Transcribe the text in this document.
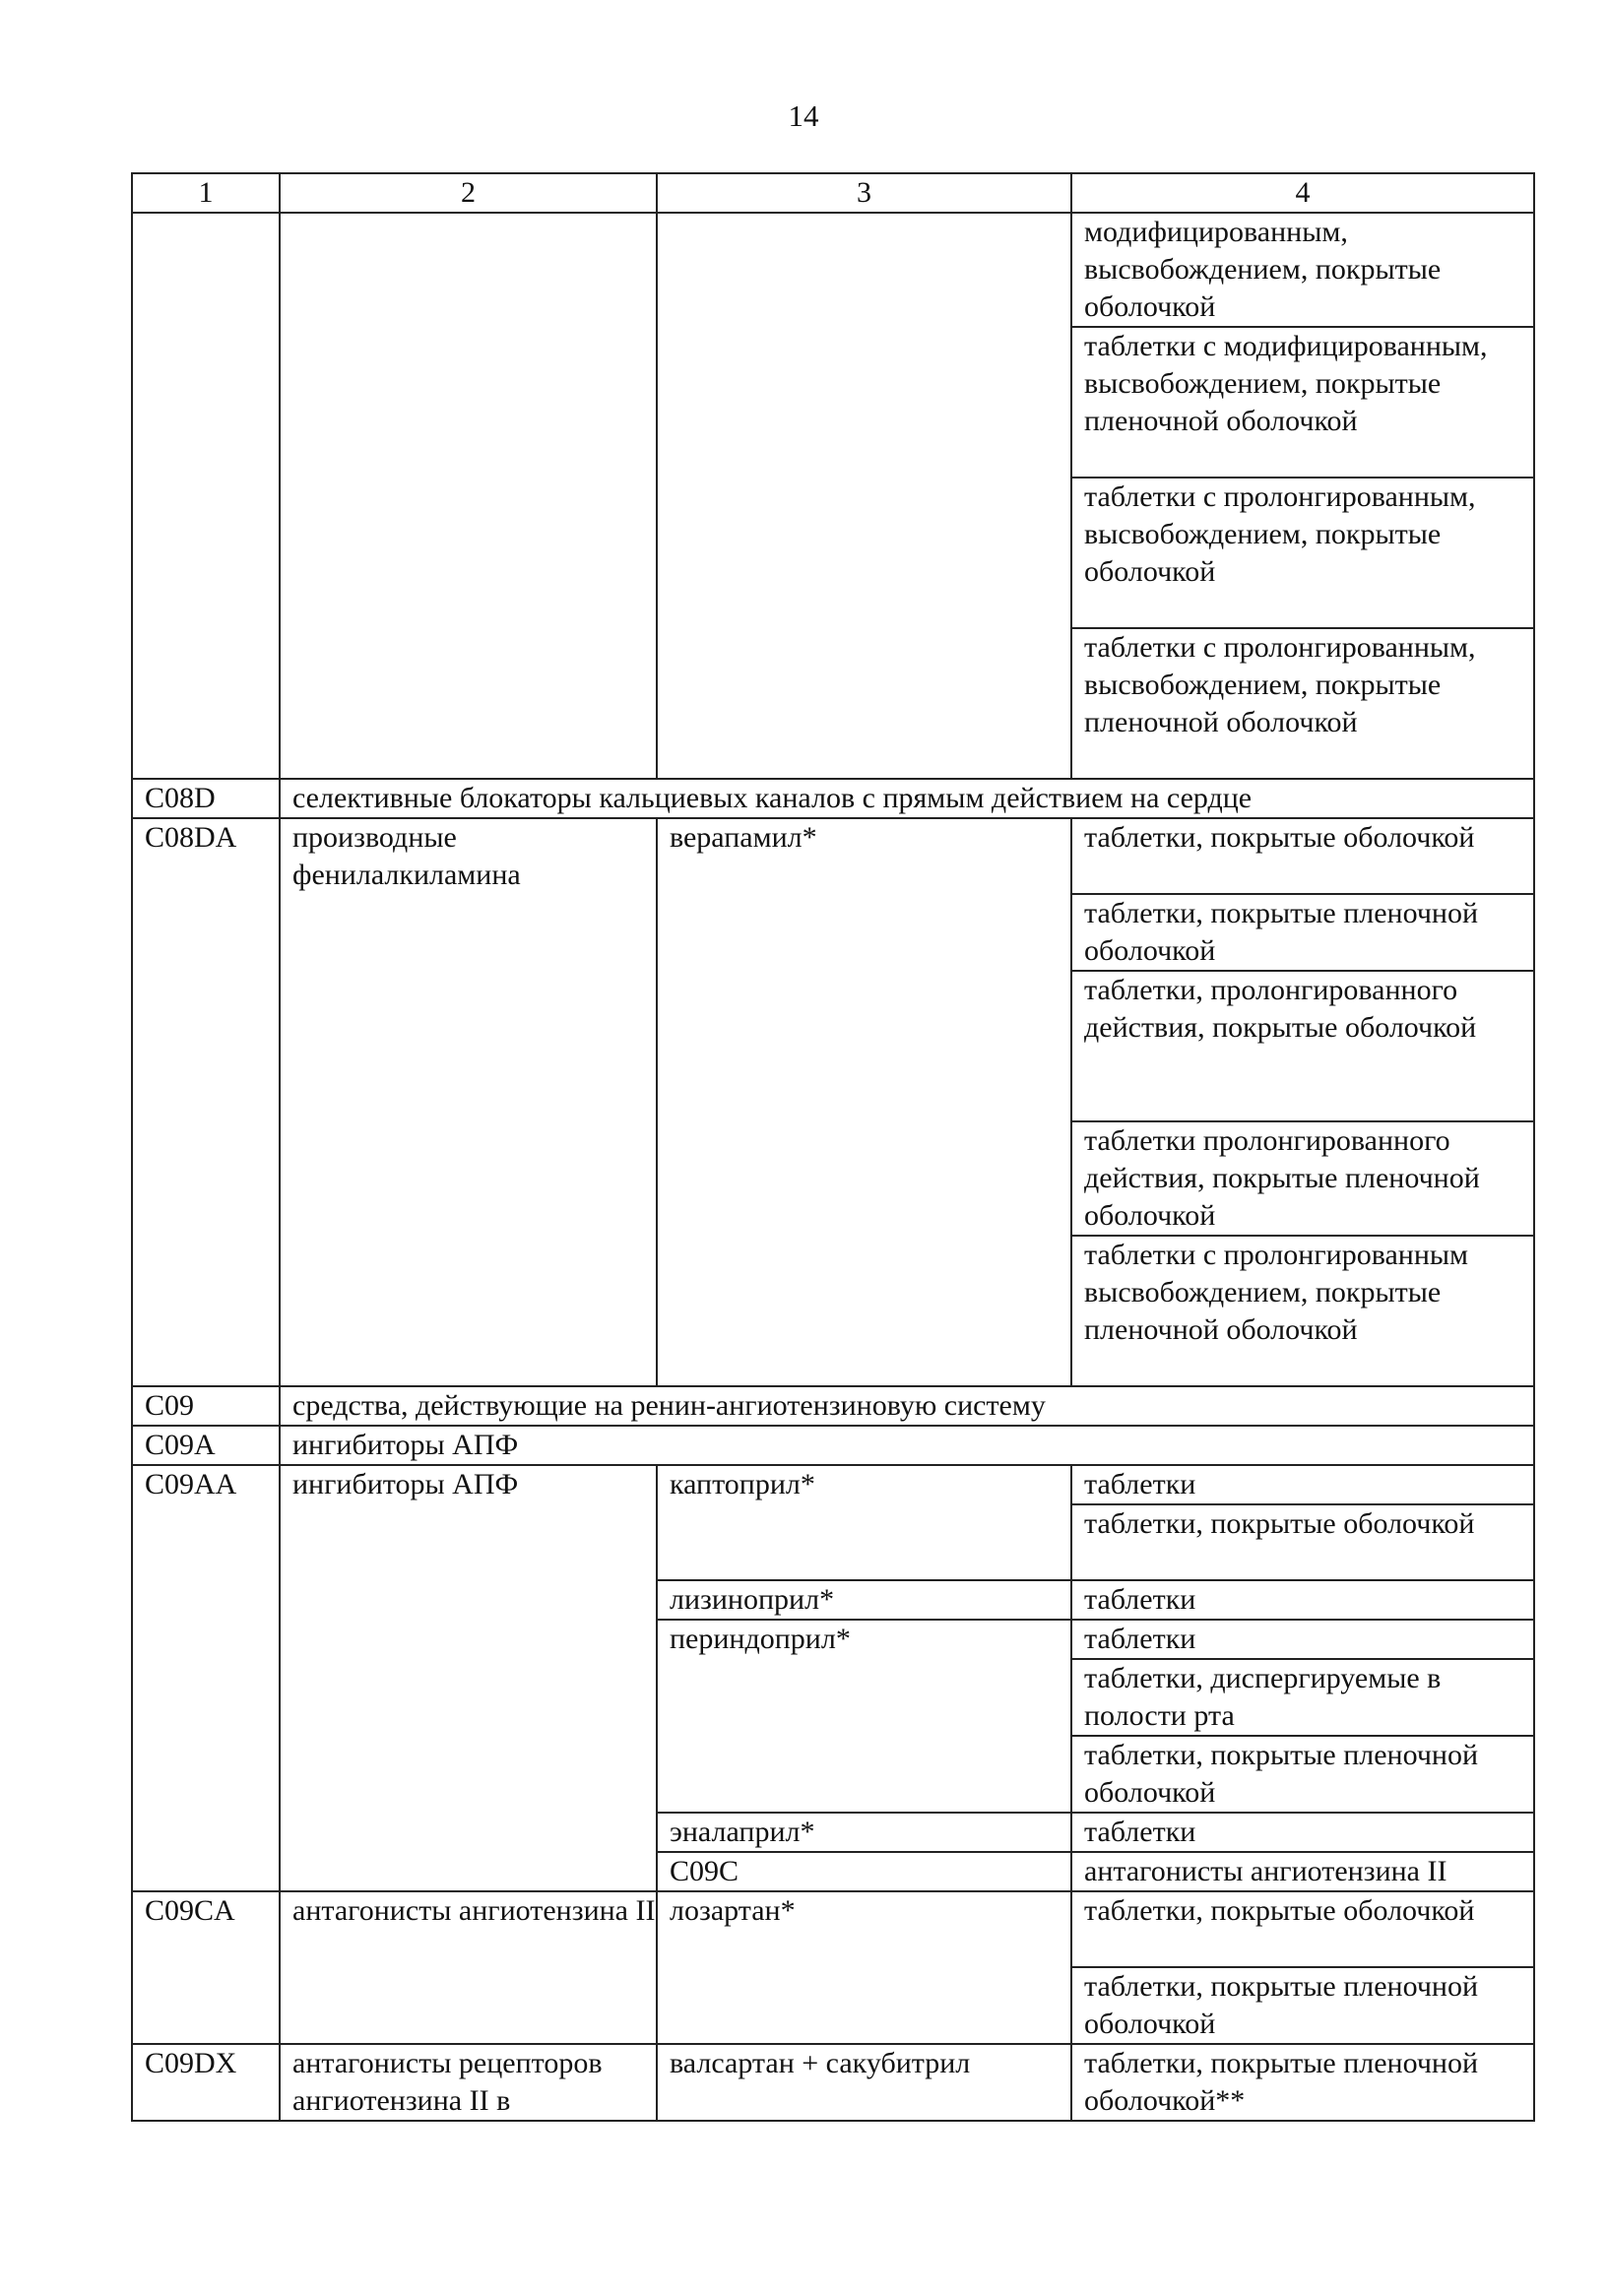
14
1	2	3	4
			модифицированным, высвобождением, покрытые оболочкой
			таблетки с модифицированным, высвобождением, покрытые пленочной оболочкой
			таблетки с пролонгированным, высвобождением, покрытые оболочкой
			таблетки с пролонгированным, высвобождением, покрытые пленочной оболочкой
C08D	селективные блокаторы кальциевых каналов с прямым действием на сердце		
C08DA	производные фенилалкиламина	верапамил*	таблетки, покрытые оболочкой
			таблетки, покрытые пленочной оболочкой
			таблетки, пролонгированного действия, покрытые оболочкой
			таблетки пролонгированного действия, покрытые пленочной оболочкой
			таблетки с пролонгированным высвобождением, покрытые пленочной оболочкой
C09	средства, действующие на ренин-ангиотензиновую систему		
C09A	ингибиторы АПФ		
C09AA	ингибиторы АПФ	каптоприл*	таблетки
			таблетки, покрытые оболочкой
		лизиноприл*	таблетки
		периндоприл*	таблетки
			таблетки, диспергируемые в полости рта
			таблетки, покрытые пленочной оболочкой
		эналаприл*	таблетки
		C09C	антагонисты ангиотензина II
C09CA	антагонисты ангиотензина II	лозартан*	таблетки, покрытые оболочкой
			таблетки, покрытые пленочной оболочкой
C09DX	антагонисты рецепторов ангиотензина II в	валсартан + сакубитрил	таблетки, покрытые пленочной оболочкой**
